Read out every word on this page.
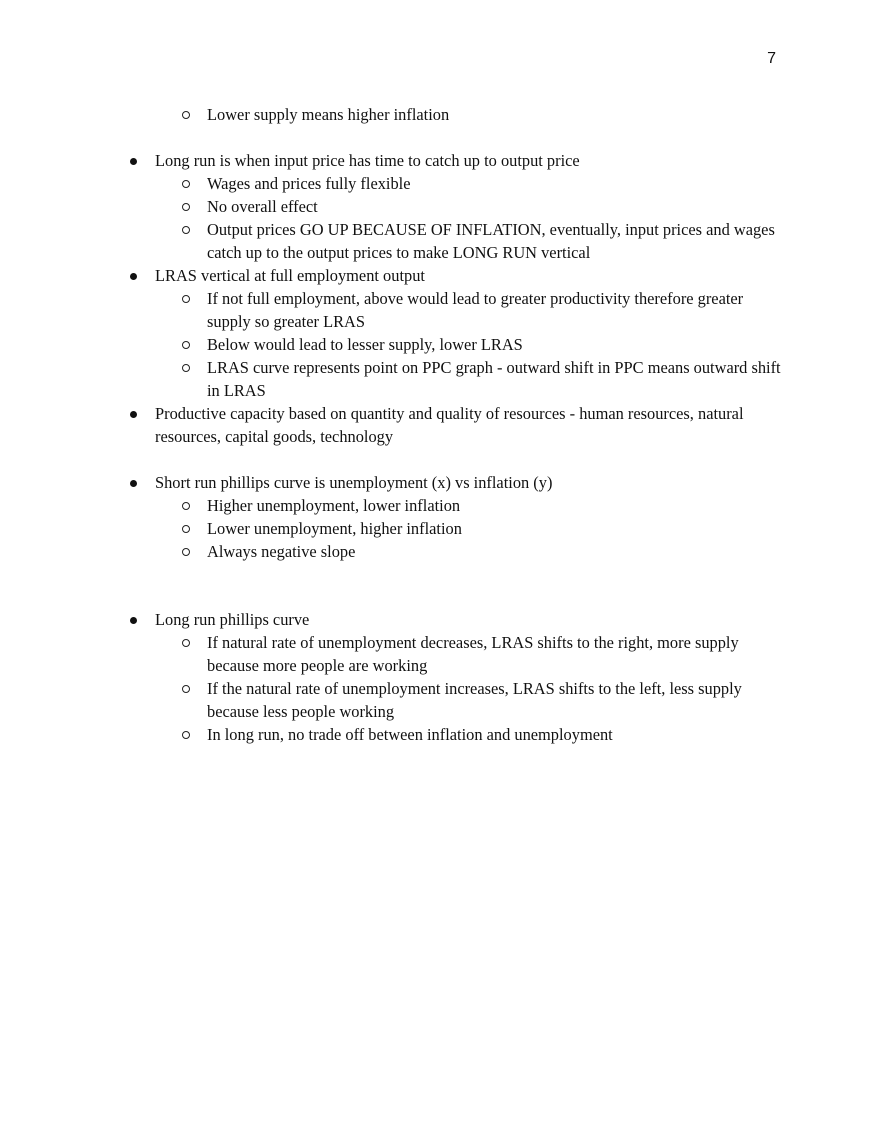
7
Lower supply means higher inflation
Long run is when input price has time to catch up to output price
Wages and prices fully flexible
No overall effect
Output prices GO UP BECAUSE OF INFLATION, eventually, input prices and wages catch up to the output prices to make LONG RUN vertical
LRAS vertical at full employment output
If not full employment, above would lead to greater productivity therefore greater supply so greater LRAS
Below would lead to lesser supply, lower LRAS
LRAS curve represents point on PPC graph - outward shift in PPC means outward shift in LRAS
Productive capacity based on quantity and quality of resources - human resources, natural resources, capital goods, technology
Short run phillips curve is unemployment (x) vs inflation (y)
Higher unemployment, lower inflation
Lower unemployment, higher inflation
Always negative slope
Long run phillips curve
If natural rate of unemployment decreases, LRAS shifts to the right, more supply because more people are working
If the natural rate of unemployment increases, LRAS shifts to the left, less supply because less people working
In long run, no trade off between inflation and unemployment
